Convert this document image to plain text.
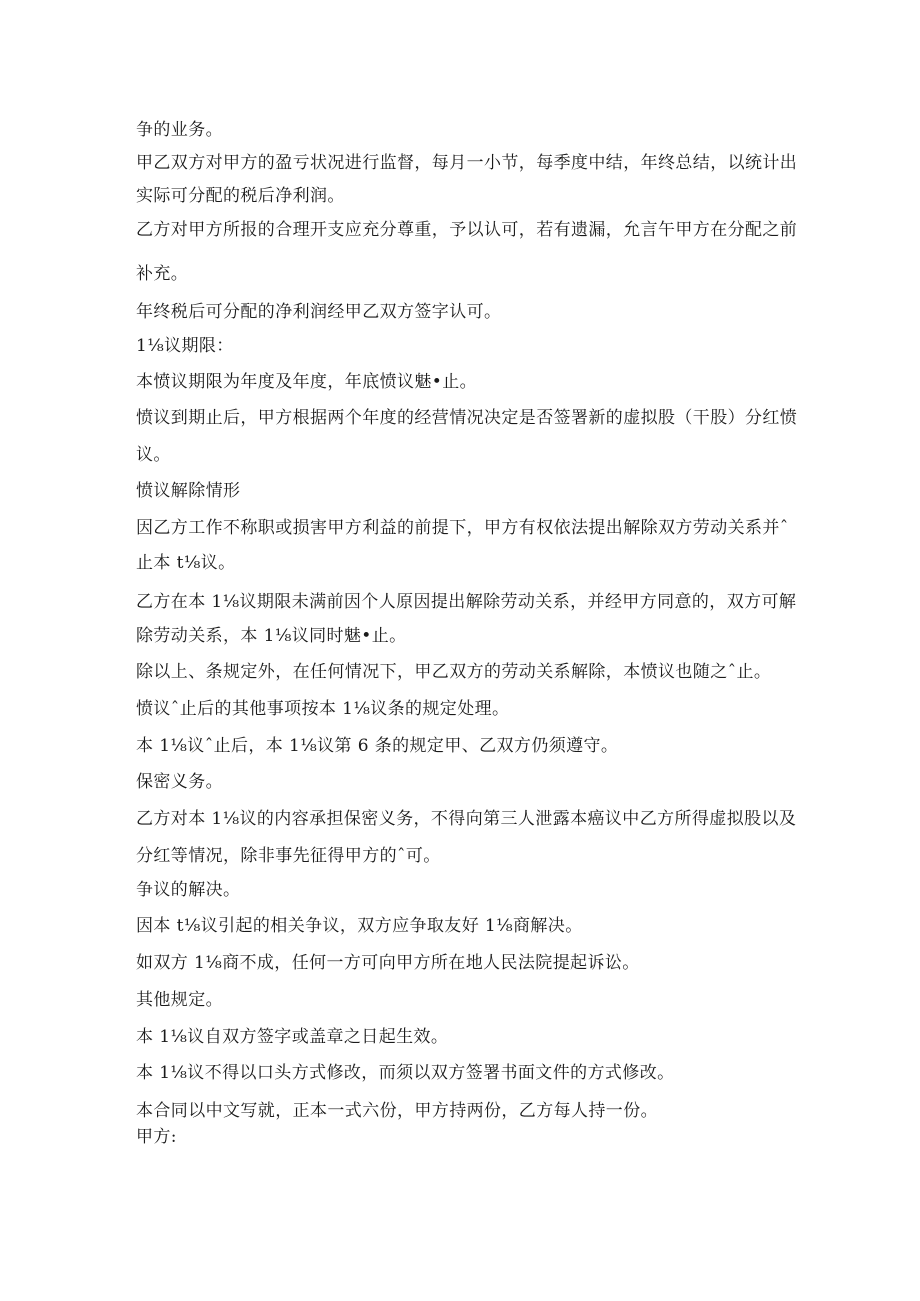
争的业务。
甲乙双方对甲方的盈亏状况进行监督，每月一小节，每季度中结，年终总结，以统计出
实际可分配的税后净利润。
乙方对甲方所报的合理开支应充分尊重，予以认可，若有遗漏，允言午甲方在分配之前
补充。
年终税后可分配的净利润经甲乙双方签字认可。
1⅛议期限：
本愤议期限为年度及年度，年底愤议魅•止。
愤议到期止后，甲方根据两个年度的经营情况决定是否签署新的虚拟股（干股）分红愤
议。
愤议解除情形
因乙方工作不称职或损害甲方利益的前提下，甲方有权依法提出解除双方劳动关系并ˆ
止本 t⅛议。
乙方在本 1⅛议期限未满前因个人原因提出解除劳动关系，并经甲方同意的，双方可解
除劳动关系，本 1⅛议同时魅•止。
除以上、条规定外，在任何情况下，甲乙双方的劳动关系解除，本愤议也随之ˆ止。
愤议ˆ止后的其他事项按本 1⅛议条的规定处理。
本 1⅛议ˆ止后，本 1⅛议第 6 条的规定甲、乙双方仍须遵守。
保密义务。
乙方对本 1⅛议的内容承担保密义务，不得向第三人泄露本癌议中乙方所得虚拟股以及
分红等情况，除非事先征得甲方的ˆ可。
争议的解决。
因本 t⅛议引起的相关争议，双方应争取友好 1⅛商解决。
如双方 1⅛商不成，任何一方可向甲方所在地人民法院提起诉讼。
其他规定。
本 1⅛议自双方签字或盖章之日起生效。
本 1⅛议不得以口头方式修改，而须以双方签署书面文件的方式修改。
本合同以中文写就，正本一式六份，甲方持两份，乙方每人持一份。
甲方:
